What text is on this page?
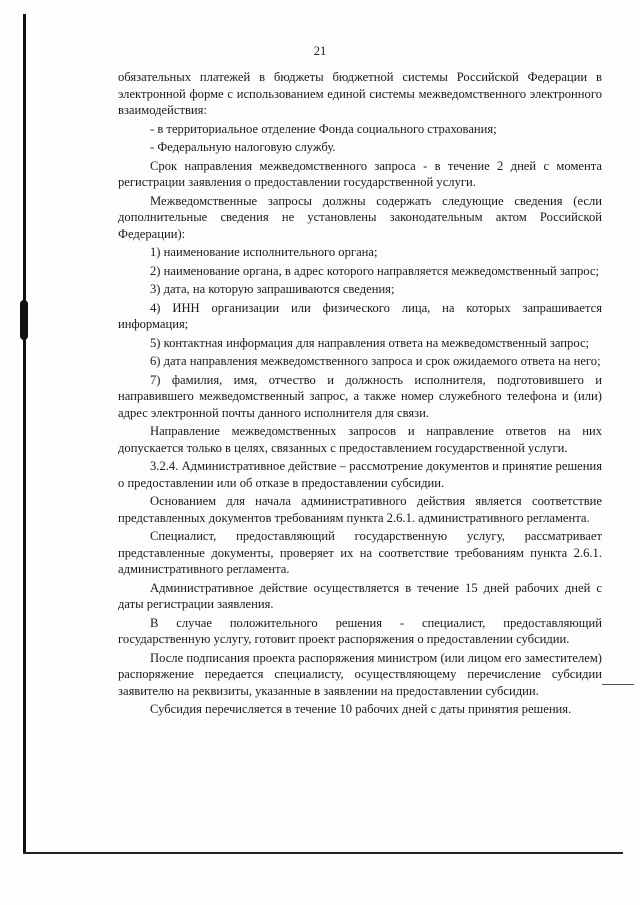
21

обязательных платежей в бюджеты бюджетной системы Российской Федерации в электронной форме с использованием единой системы межведомственного электронного взаимодействия:

- в территориальное отделение Фонда социального страхования;

- Федеральную налоговую службу.

Срок направления межведомственного запроса - в течение 2 дней с момента регистрации заявления о предоставлении государственной услуги.

Межведомственные запросы должны содержать следующие сведения (если дополнительные сведения не установлены законодательным актом Российской Федерации):

1) наименование исполнительного органа;

2) наименование органа, в адрес которого направляется межведомственный запрос;

3) дата, на которую запрашиваются сведения;

4) ИНН организации или физического лица, на которых запрашивается информация;

5) контактная информация для направления ответа на межведомственный запрос;

6) дата направления межведомственного запроса и срок ожидаемого ответа на него;

7) фамилия, имя, отчество и должность исполнителя, подготовившего и направившего межведомственный запрос, а также номер служебного телефона и (или) адрес электронной почты данного исполнителя для связи.

Направление межведомственных запросов и направление ответов на них допускается только в целях, связанных с предоставлением государственной услуги.

3.2.4. Административное действие – рассмотрение документов и принятие решения о предоставлении или об отказе в предоставлении субсидии.

Основанием для начала административного действия является соответствие представленных документов требованиям пункта 2.6.1. административного регламента.

Специалист, предоставляющий государственную услугу, рассматривает представленные документы, проверяет их на соответствие требованиям пункта 2.6.1. административного регламента.

Административное действие осуществляется в течение 15 дней рабочих дней с даты регистрации заявления.

В случае положительного решения - специалист, предоставляющий государственную услугу, готовит проект распоряжения о предоставлении субсидии.

После подписания проекта распоряжения министром (или лицом его заместителем) распоряжение передается специалисту, осуществляющему перечисление субсидии заявителю на реквизиты, указанные в заявлении на предоставлении субсидии.

Субсидия перечисляется в течение 10 рабочих дней с даты принятия решения.
